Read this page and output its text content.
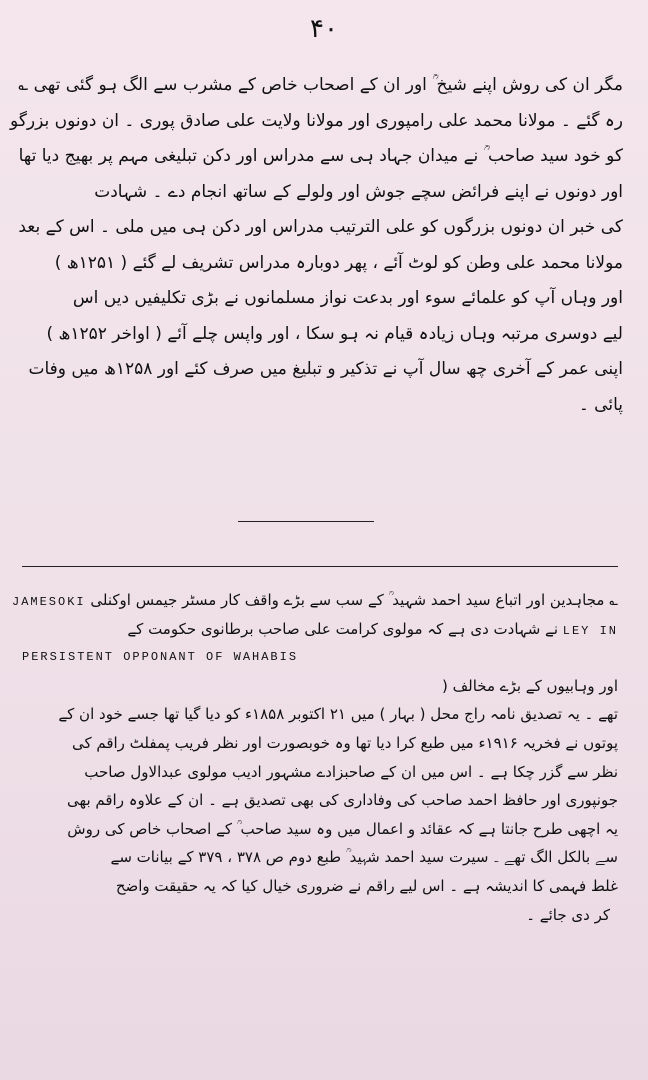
۴۰
مگر ان کی روش اپنے شیخ ؒ اور ان کے اصحاب خاص کے مشرب سے الگ ہو گئی تھی ؎
رہ گئے ۔ مولانا محمد علی رامپوری اور مولانا ولایت علی صادق پوری ۔ ان دونوں بزرگو
کو خود سید صاحب ؒ نے میدان جہاد ہی سے مدراس اور دکن تبلیغی مہم پر بھیج دیا تھا
اور دونوں نے اپنے فرائض سچے جوش اور ولولے کے ساتھ انجام دے ۔ شہادت
کی خبر ان دونوں بزرگوں کو علی الترتیب مدراس اور دکن ہی میں ملی ۔ اس کے بعد
مولانا محمد علی وطن کو لوٹ آئے ، پھر دوبارہ مدراس تشریف لے گئے ( ۱۲۵۱ھ )
اور وہاں آپ کو علمائے سوء اور بدعت نواز مسلمانوں نے بڑی تکلیفیں دیں اس
لیے دوسری مرتبہ وہاں زیادہ قیام نہ ہو سکا ، اور واپس چلے آئے ( اواخر ۱۲۵۲ھ )
اپنی عمر کے آخری چھ سال آپ نے تذکیر و تبلیغ میں صرف کئے اور ۱۲۵۸ھ میں وفات
پائی ۔
؎ مجاہدین اور اتباع سید احمد شہید ؒ کے سب سے بڑے واقف کار مسٹر جیمس اوکنلی JAMESOKI
LEY IN نے شہادت دی ہے کہ مولوی کرامت علی صاحب برطانوی حکومت کے
PERSISTENT OPPONANT OF WAHABIS
اور وہابیوں کے بڑے مخالف (
تھے ۔ یہ تصدیق نامہ راج محل ( بہار ) میں ۲۱ اکتوبر ۱۸۵۸ء کو دیا گیا تھا جسے خود ان کے
پوتوں نے فخریہ ۱۹۱۶ء میں طبع کرا دیا تھا وہ خوبصورت اور نظر فریب پمفلٹ راقم کی
نظر سے گزر چکا ہے ۔ اس میں ان کے صاحبزادے مشہور ادیب مولوی عبدالاول صاحب
جونپوری اور حافظ احمد صاحب کی وفاداری کی بھی تصدیق ہے ۔ ان کے علاوہ راقم بھی
یہ اچھی طرح جانتا ہے کہ عقائد و اعمال میں وہ سید صاحب ؒ کے اصحاب خاص کی روش
سے بالکل الگ تھے ۔ سیرت سید احمد شہید ؒ طبع دوم ص ۳۷۸ ، ۳۷۹ کے بیانات سے
غلط فہمی کا اندیشہ ہے ۔ اس لیے راقم نے ضروری خیال کیا کہ یہ حقیقت واضح
کر دی جائے ۔
